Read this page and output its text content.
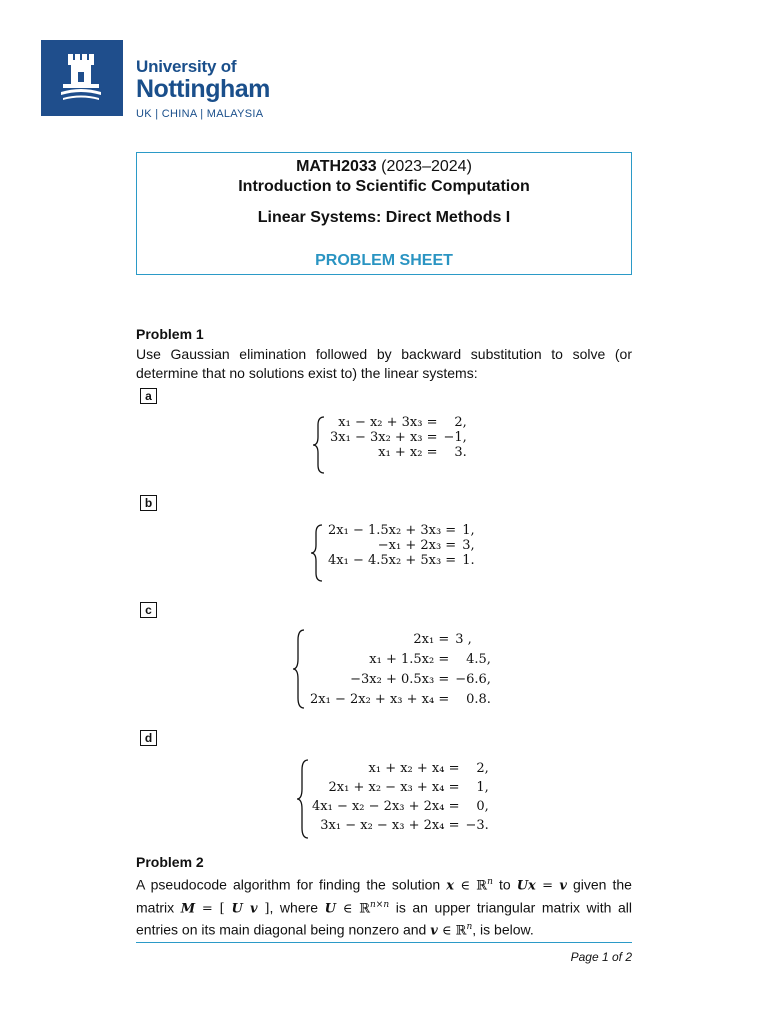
University of
Nottingham
UK | CHINA | MALAYSIA
MATH2033 (2023–2024)
Introduction to Scientific Computation
Linear Systems: Direct Methods I
PROBLEM SHEET
Problem 1
Use Gaussian elimination followed by backward substitution to solve (or determine that no solutions exist to) the linear systems:
a
x₁ − x₂ + 3x₃ =	2,
3x₁ − 3x₂ + x₃ =	−1,
x₁ + x₂ =	3.
b
2x₁ − 1.5x₂ + 3x₃ =	1,
−x₁ + 2x₃ =	3,
4x₁ − 4.5x₂ + 5x₃ =	1.
c
2x₁ =	3 ,
x₁ + 1.5x₂ =	4.5,
−3x₂ + 0.5x₃ =	−6.6,
2x₁ − 2x₂ + x₃ + x₄ =	0.8.
d
x₁ + x₂ + x₄ =	2,
2x₁ + x₂ − x₃ + x₄ =	1,
4x₁ − x₂ − 2x₃ + 2x₄ =	0,
3x₁ − x₂ − x₃ + 2x₄ =	−3.
Problem 2
A pseudocode algorithm for finding the solution x ∈ ℝ$^n$ to Ux = v given the matrix M = [ U v ], where U ∈ ℝ$^{n\times n}$ is an upper triangular matrix with all entries on its main diagonal being nonzero and v ∈ ℝ$^n$, is below.
Page 1 of 2
